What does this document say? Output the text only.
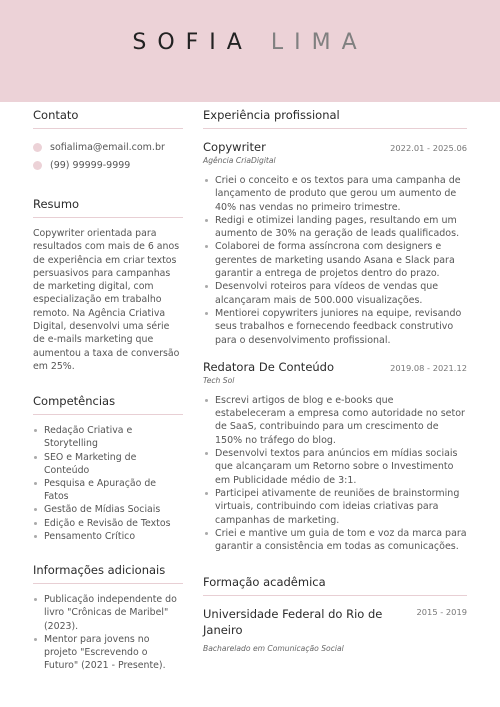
SOFIA LIMA
Contato
sofialima@email.com.br
(99) 99999-9999
Resumo
Copywriter orientada para resultados com mais de 6 anos de experiência em criar textos persuasivos para campanhas de marketing digital, com especialização em trabalho remoto. Na Agência Criativa Digital, desenvolvi uma série de e-mails marketing que aumentou a taxa de conversão em 25%.
Competências
Redação Criativa e Storytelling
SEO e Marketing de Conteúdo
Pesquisa e Apuração de Fatos
Gestão de Mídias Sociais
Edição e Revisão de Textos
Pensamento Crítico
Informações adicionais
Publicação independente do livro "Crônicas de Maribel" (2023).
Mentor para jovens no projeto "Escrevendo o Futuro" (2021 - Presente).
Experiência profissional
Copywriter	2022.01 - 2025.06
Agência CriaDigital
Criei o conceito e os textos para uma campanha de lançamento de produto que gerou um aumento de 40% nas vendas no primeiro trimestre.
Redigi e otimizei landing pages, resultando em um aumento de 30% na geração de leads qualificados.
Colaborei de forma assíncrona com designers e gerentes de marketing usando Asana e Slack para garantir a entrega de projetos dentro do prazo.
Desenvolvi roteiros para vídeos de vendas que alcançaram mais de 500.000 visualizações.
Mentiorei copywriters juniores na equipe, revisando seus trabalhos e fornecendo feedback construtivo para o desenvolvimento profissional.
Redatora De Conteúdo	2019.08 - 2021.12
Tech Sol
Escrevi artigos de blog e e-books que estabeleceram a empresa como autoridade no setor de SaaS, contribuindo para um crescimento de 150% no tráfego do blog.
Desenvolvi textos para anúncios em mídias sociais que alcançaram um Retorno sobre o Investimento em Publicidade médio de 3:1.
Participei ativamente de reuniões de brainstorming virtuais, contribuindo com ideias criativas para campanhas de marketing.
Criei e mantive um guia de tom e voz da marca para garantir a consistência em todas as comunicações.
Formação acadêmica
Universidade Federal do Rio de Janeiro
2015 - 2019
Bacharelado em Comunicação Social
